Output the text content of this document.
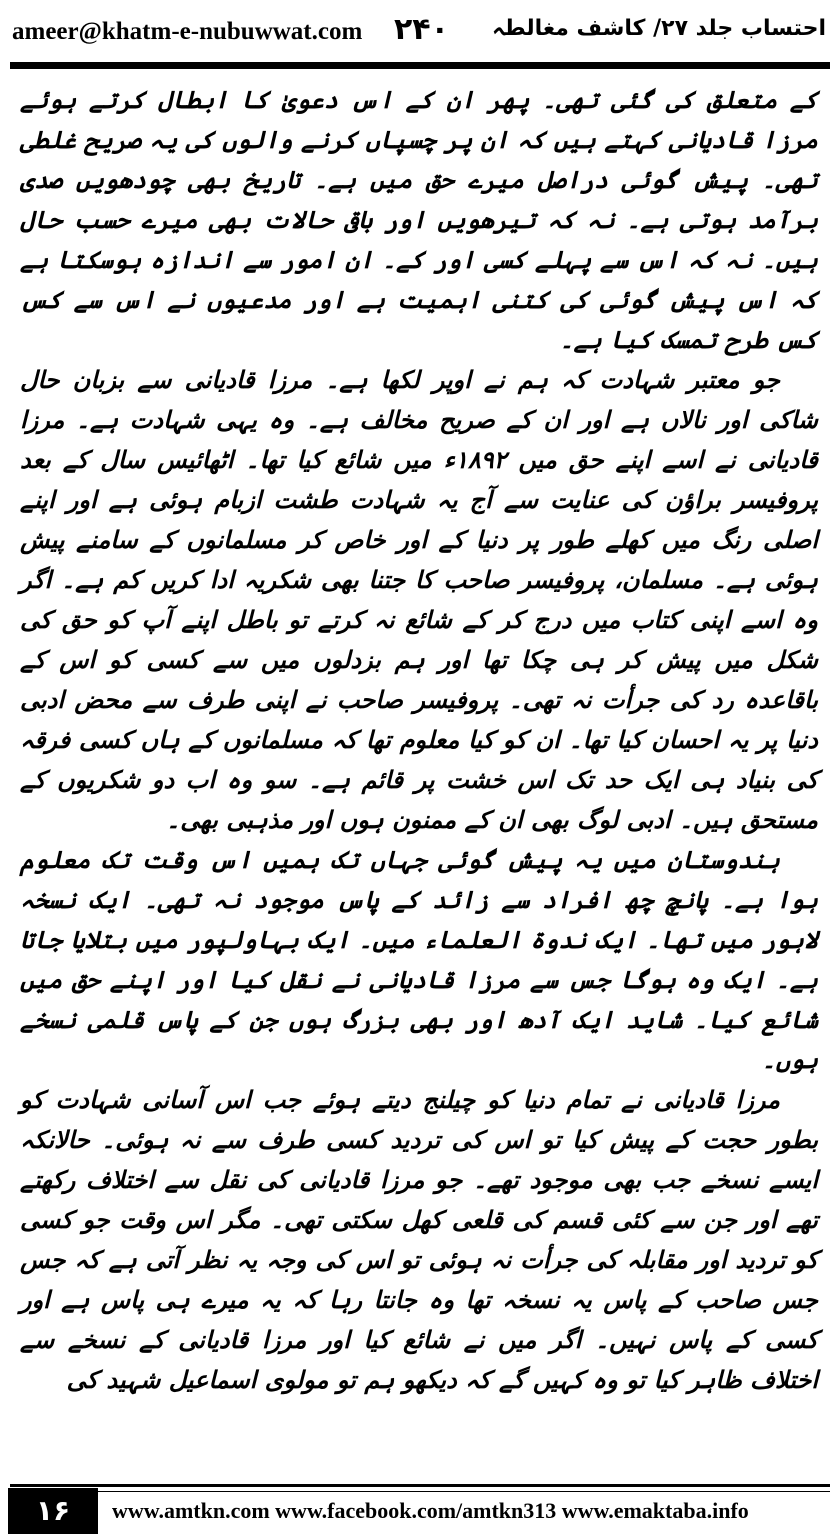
ameer@khatm-e-nubuwwat.com ۲۴۰ احتساب جلد ۲۷/ کاشف مغالطہ

کے متعلق کی گئی تھی۔ پھر ان کے اس دعویٰ کا ابطال کرتے ہوئے مرزا قادیانی کہتے ہیں کہ ان پر چسپاں کرنے والوں کی یہ صریح غلطی تھی۔ پیش گوئی دراصل میرے حق میں ہے۔ تاریخ بھی چودھویں صدی برآمد ہوتی ہے۔ نہ کہ تیرھویں اور باقی حالات بھی میرے حسب حال ہیں۔ نہ کہ اس سے پہلے کسی اور کے۔ ان امور سے اندازہ ہوسکتا ہے کہ اس پیش گوئی کی کتنی اہمیت ہے اور مدعیوں نے اس سے کس کس طرح تمسک کیا ہے۔

جو معتبر شہادت کہ ہم نے اوپر لکھا ہے۔ مرزا قادیانی سے بزبان حال شاکی اور نالاں ہے اور ان کے صریح مخالف ہے۔ وہ یہی شہادت ہے۔ مرزا قادیانی نے اسے اپنے حق میں ۱۸۹۲ء میں شائع کیا تھا۔ اٹھائیس سال کے بعد پروفیسر براؤن کی عنایت سے آج یہ شہادت طشت ازبام ہوئی ہے اور اپنے اصلی رنگ میں کھلے طور پر دنیا کے اور خاص کر مسلمانوں کے سامنے پیش ہوئی ہے۔ مسلمان، پروفیسر صاحب کا جتنا بھی شکریہ ادا کریں کم ہے۔ اگر وہ اسے اپنی کتاب میں درج کر کے شائع نہ کرتے تو باطل اپنے آپ کو حق کی شکل میں پیش کر ہی چکا تھا اور ہم بزدلوں میں سے کسی کو اس کے باقاعدہ رد کی جرأت نہ تھی۔ پروفیسر صاحب نے اپنی طرف سے محض ادبی دنیا پر یہ احسان کیا تھا۔ ان کو کیا معلوم تھا کہ مسلمانوں کے ہاں کسی فرقہ کی بنیاد ہی ایک حد تک اس خشت پر قائم ہے۔ سو وہ اب دو شکریوں کے مستحق ہیں۔ ادبی لوگ بھی ان کے ممنون ہوں اور مذہبی بھی۔

ہندوستان میں یہ پیش گوئی جہاں تک ہمیں اس وقت تک معلوم ہوا ہے۔ پانچ چھ افراد سے زائد کے پاس موجود نہ تھی۔ ایک نسخہ لاہور میں تھا۔ ایک ندوۃ العلماء میں۔ ایک بہاولپور میں بتلایا جاتا ہے۔ ایک وہ ہوگا جس سے مرزا قادیانی نے نقل کیا اور اپنے حق میں شائع کیا۔ شاید ایک آدھ اور بھی بزرگ ہوں جن کے پاس قلمی نسخے ہوں۔

مرزا قادیانی نے تمام دنیا کو چیلنج دیتے ہوئے جب اس آسانی شہادت کو بطور حجت کے پیش کیا تو اس کی تردید کسی طرف سے نہ ہوئی۔ حالانکہ ایسے نسخے جب بھی موجود تھے۔ جو مرزا قادیانی کی نقل سے اختلاف رکھتے تھے اور جن سے کئی قسم کی قلعی کھل سکتی تھی۔ مگر اس وقت جو کسی کو تردید اور مقابلہ کی جرأت نہ ہوئی تو اس کی وجہ یہ نظر آتی ہے کہ جس جس صاحب کے پاس یہ نسخہ تھا وہ جانتا رہا کہ یہ میرے ہی پاس ہے اور کسی کے پاس نہیں۔ اگر میں نے شائع کیا اور مرزا قادیانی کے نسخے سے اختلاف ظاہر کیا تو وہ کہیں گے کہ دیکھو ہم تو مولوی اسماعیل شہید کی

۱۶	www.amtkn.com www.facebook.com/amtkn313 www.emaktaba.info
